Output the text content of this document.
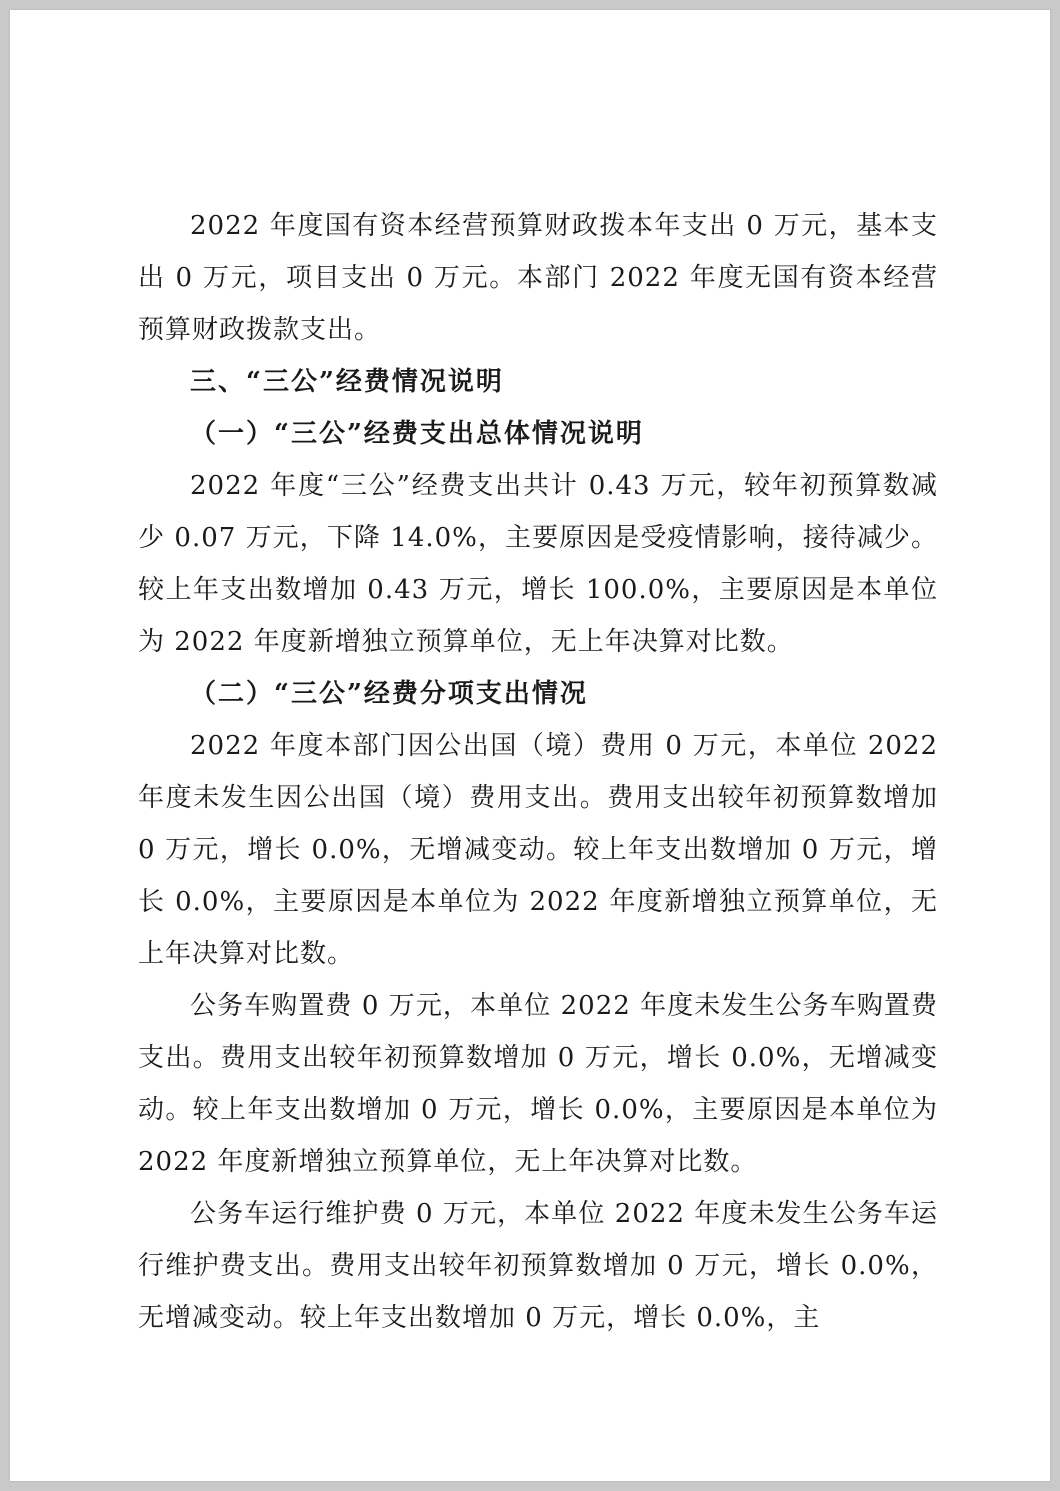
2022 年度国有资本经营预算财政拨本年支出 0 万元，基本支出 0 万元，项目支出 0 万元。本部门 2022 年度无国有资本经营预算财政拨款支出。

三、“三公”经费情况说明

（一）“三公”经费支出总体情况说明

2022 年度“三公”经费支出共计 0.43 万元，较年初预算数减少 0.07 万元，下降 14.0%，主要原因是受疫情影响，接待减少。较上年支出数增加 0.43 万元，增长 100.0%，主要原因是本单位为 2022 年度新增独立预算单位，无上年决算对比数。

（二）“三公”经费分项支出情况

2022 年度本部门因公出国（境）费用 0 万元，本单位 2022 年度未发生因公出国（境）费用支出。费用支出较年初预算数增加 0 万元，增长 0.0%，无增减变动。较上年支出数增加 0 万元，增长 0.0%，主要原因是本单位为 2022 年度新增独立预算单位，无上年决算对比数。

公务车购置费 0 万元，本单位 2022 年度未发生公务车购置费支出。费用支出较年初预算数增加 0 万元，增长 0.0%，无增减变动。较上年支出数增加 0 万元，增长 0.0%，主要原因是本单位为 2022 年度新增独立预算单位，无上年决算对比数。

公务车运行维护费 0 万元，本单位 2022 年度未发生公务车运行维护费支出。费用支出较年初预算数增加 0 万元，增长 0.0%，无增减变动。较上年支出数增加 0 万元，增长 0.0%，主
